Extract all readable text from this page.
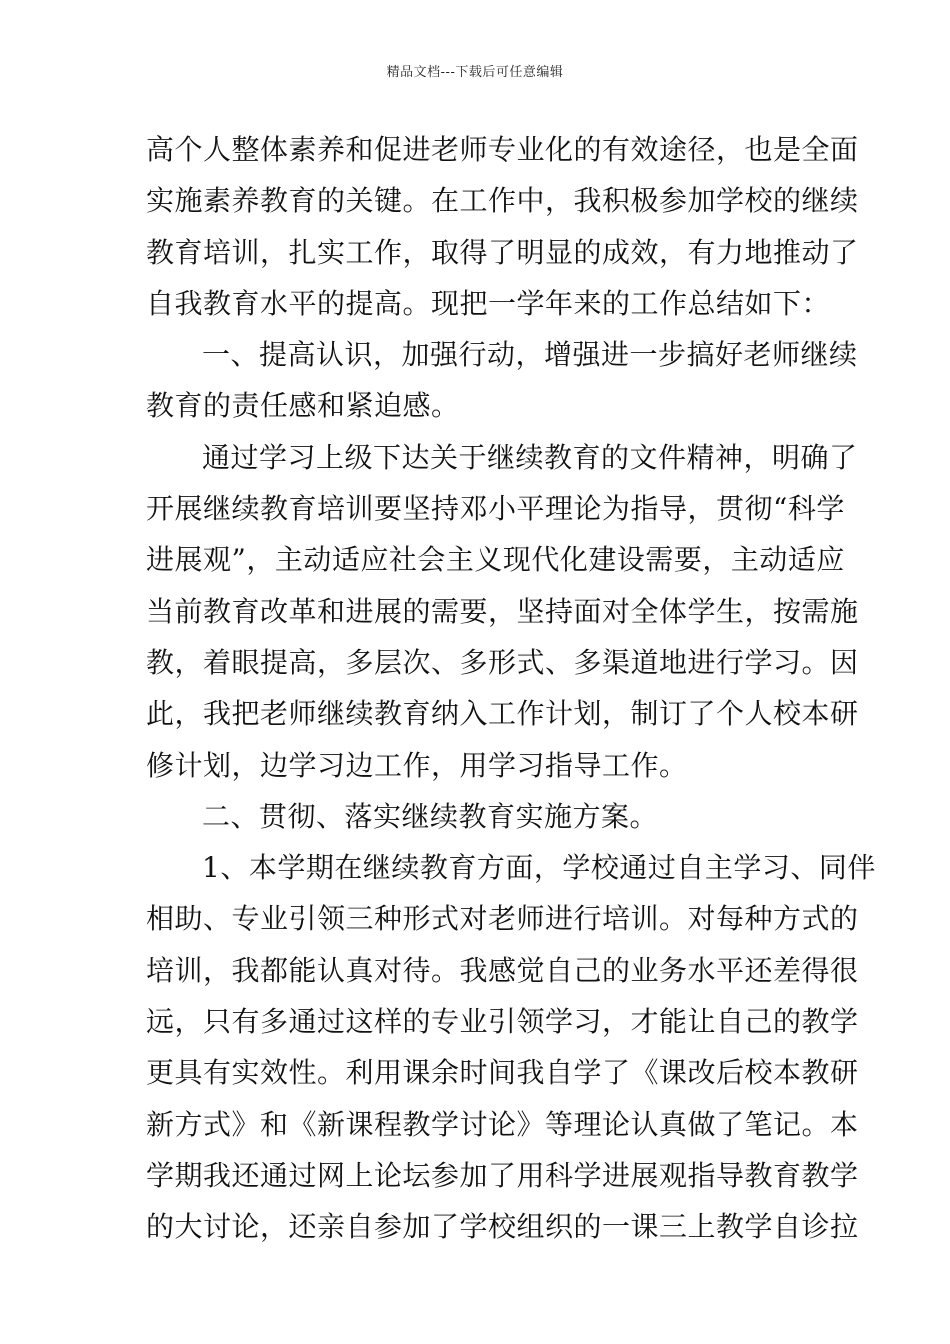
精品文档---下载后可任意编辑
高个人整体素养和促进老师专业化的有效途径，也是全面
实施素养教育的关键。在工作中，我积极参加学校的继续
教育培训，扎实工作，取得了明显的成效，有力地推动了
自我教育水平的提高。现把一学年来的工作总结如下：
一、提高认识，加强行动，增强进一步搞好老师继续
教育的责任感和紧迫感。
通过学习上级下达关于继续教育的文件精神，明确了
开展继续教育培训要坚持邓小平理论为指导，贯彻“科学
进展观”，主动适应社会主义现代化建设需要，主动适应
当前教育改革和进展的需要，坚持面对全体学生，按需施
教，着眼提高，多层次、多形式、多渠道地进行学习。因
此，我把老师继续教育纳入工作计划，制订了个人校本研
修计划，边学习边工作，用学习指导工作。
二、贯彻、落实继续教育实施方案。
1、本学期在继续教育方面，学校通过自主学习、同伴
相助、专业引领三种形式对老师进行培训。对每种方式的
培训，我都能认真对待。我感觉自己的业务水平还差得很
远，只有多通过这样的专业引领学习，才能让自己的教学
更具有实效性。利用课余时间我自学了《课改后校本教研
新方式》和《新课程教学讨论》等理论认真做了笔记。本
学期我还通过网上论坛参加了用科学进展观指导教育教学
的大讨论，还亲自参加了学校组织的一课三上教学自诊拉
